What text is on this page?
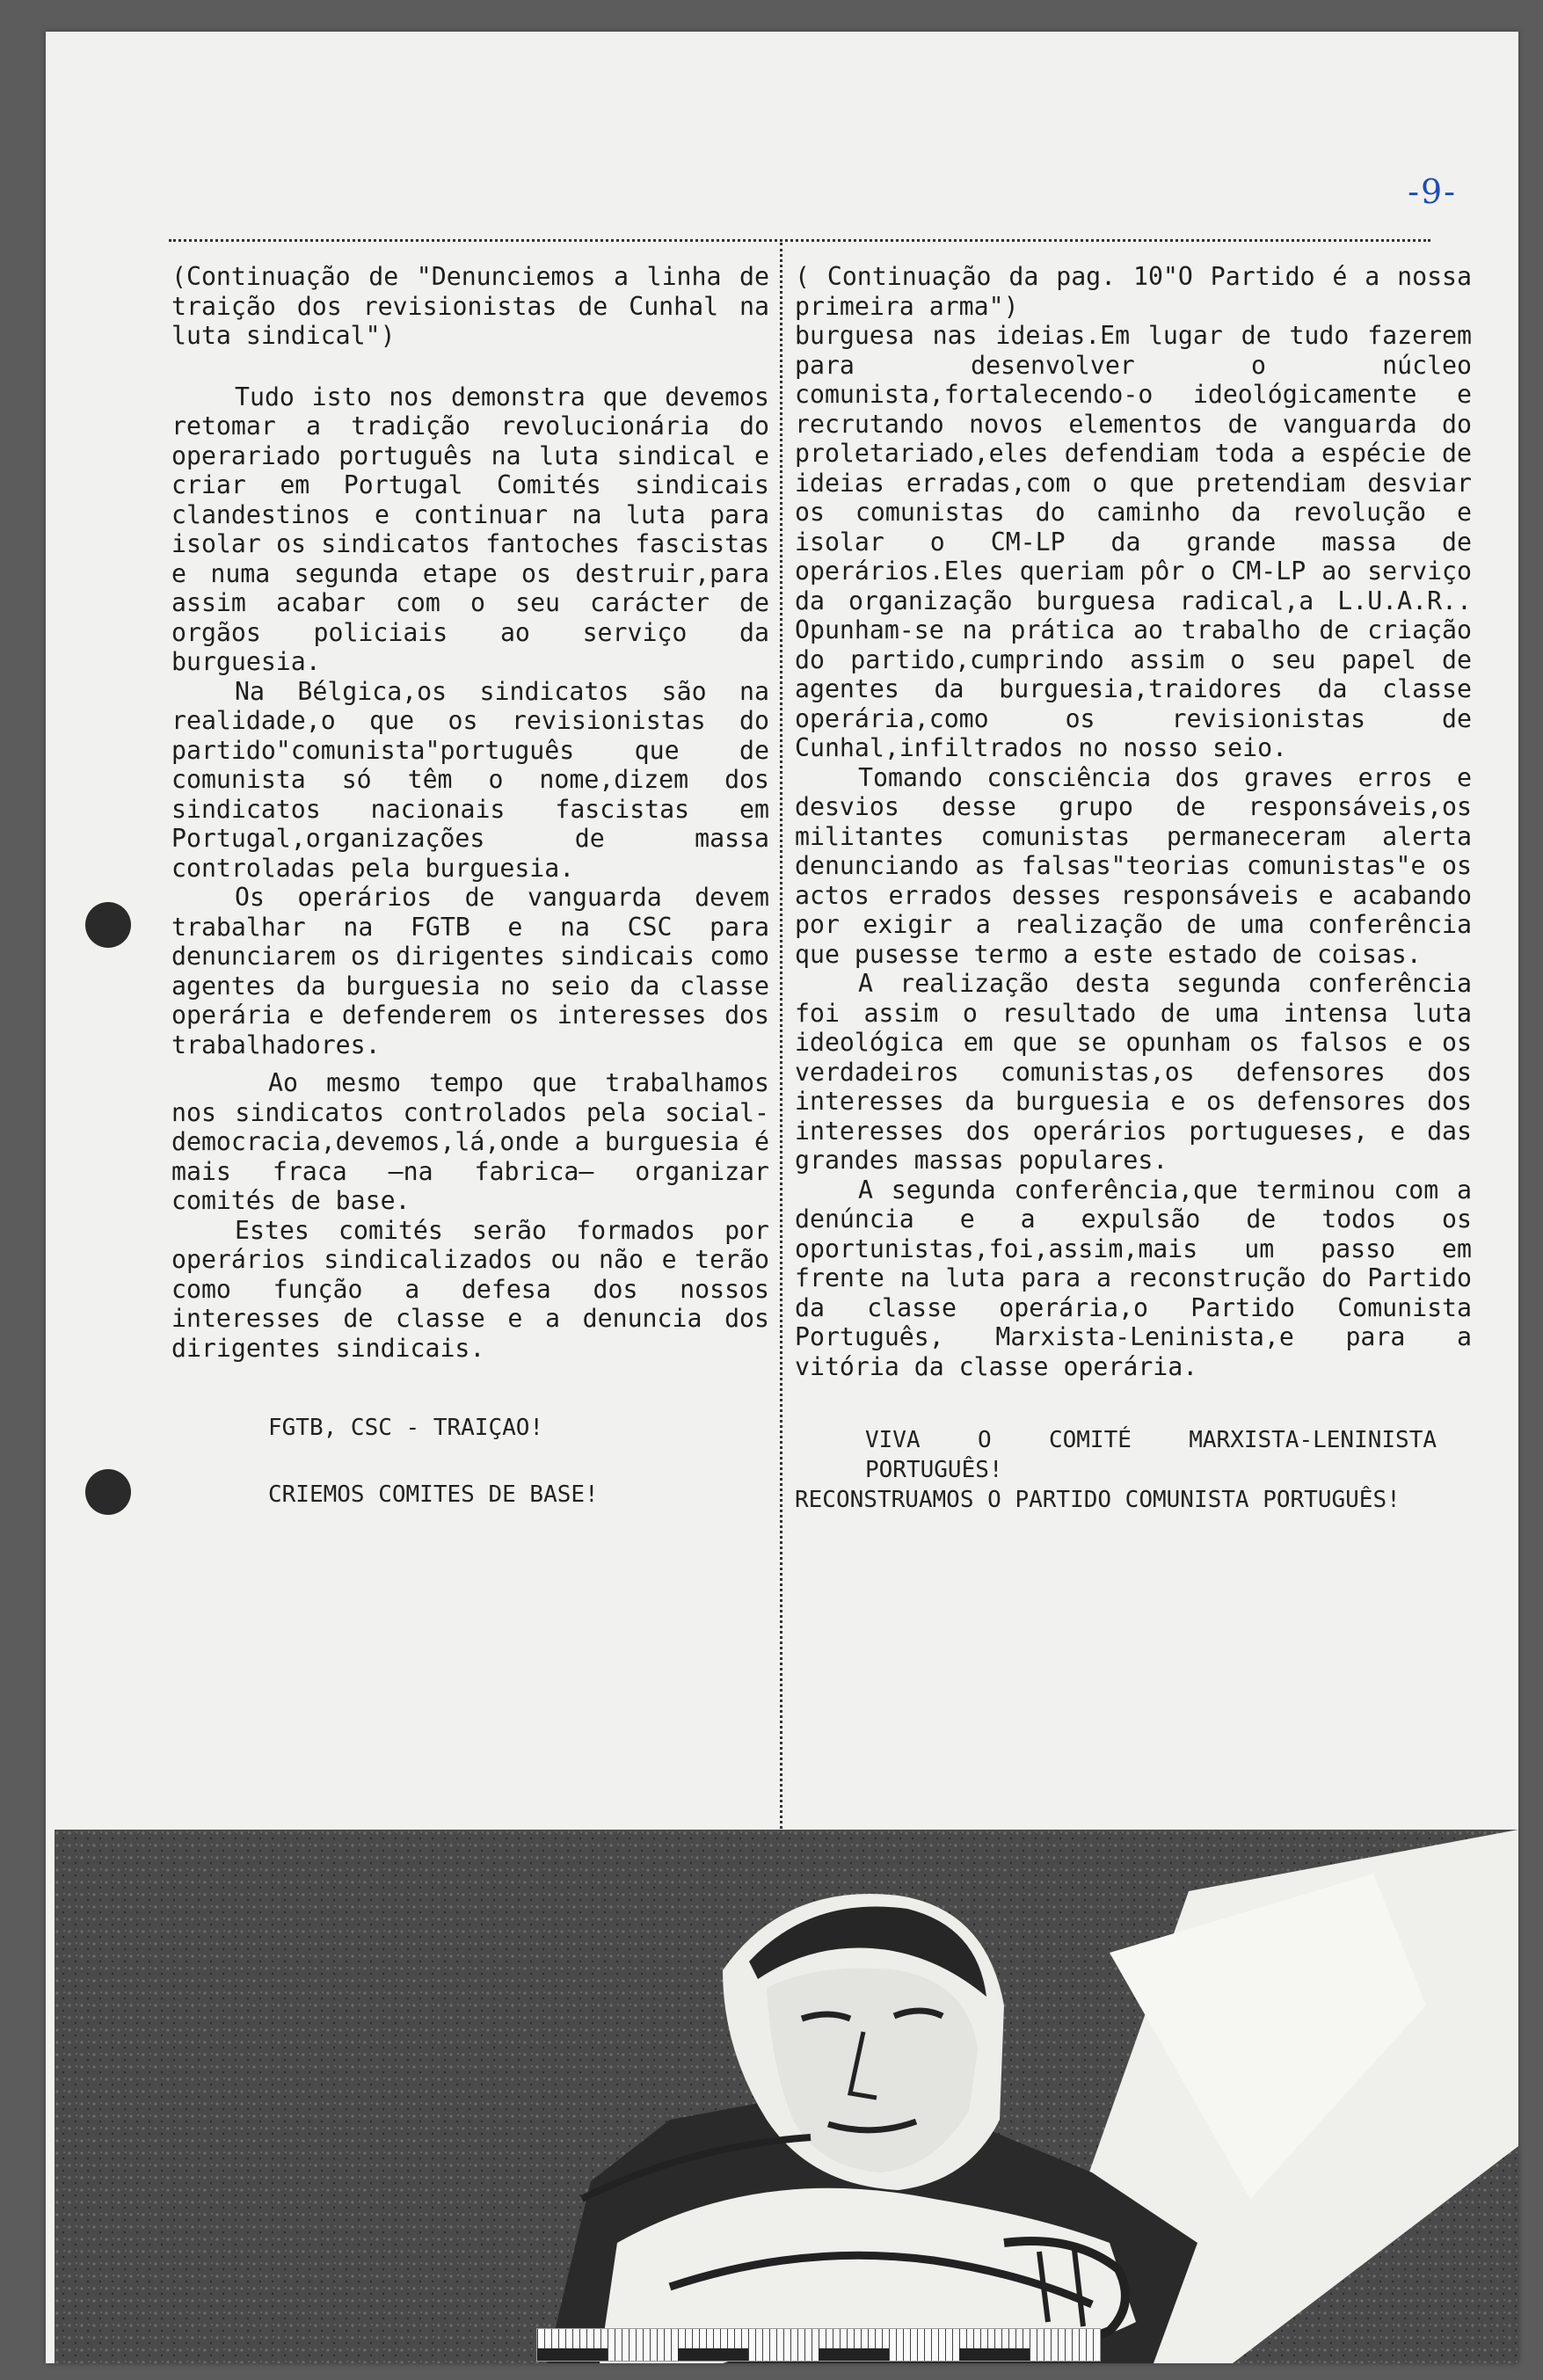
-9-

(Continuação de "Denunciemos a linha de traição dos revisionistas de Cunhal na luta sindical")

Tudo isto nos demonstra que devemos retomar a tradição revolucionária do operariado português na luta sindical e criar em Portugal Comités sindicais clandestinos e continuar na luta para isolar os sindicatos fantoches fascistas e numa segunda etape os destruir,para assim acabar com o seu carácter de orgãos policiais ao serviço da burguesia.

Na Bélgica,os sindicatos são na realidade,o que os revisionistas do partido"comunista"português que de comunista só têm o nome,dizem dos sindicatos nacionais fascistas em Portugal,organizações de massa controladas pela burguesia.

Os operários de vanguarda devem trabalhar na FGTB e na CSC para denunciarem os dirigentes sindicais como agentes da burguesia no seio da classe operária e defenderem os interesses dos trabalhadores.

Ao mesmo tempo que trabalhamos nos sindicatos controlados pela social-democracia,devemos,lá,onde a burguesia é mais fraca —na fabrica— organizar comités de base.

Estes comités serão formados por operários sindicalizados ou não e terão como função a defesa dos nossos interesses de classe e a denuncia dos dirigentes sindicais.

FGTB, CSC - TRAIÇAO!

CRIEMOS COMITES DE BASE!

( Continuação da pag. 10"O Partido é a nossa primeira arma")

burguesa nas ideias.Em lugar de tudo fazerem para desenvolver o núcleo comunista,fortalecendo-o ideológicamente e recrutando novos elementos de vanguarda do proletariado,eles defendiam toda a espécie de ideias erradas,com o que pretendiam desviar os comunistas do caminho da revolução e isolar o CM-LP da grande massa de operários.Eles queriam pôr o CM-LP ao serviço da organização burguesa radical,a L.U.A.R.. Opunham-se na prática ao trabalho de criação do partido,cumprindo assim o seu papel de agentes da burguesia,traidores da classe operária,como os revisionistas de Cunhal,infiltrados no nosso seio.

Tomando consciência dos graves erros e desvios desse grupo de responsáveis,os militantes comunistas permaneceram alerta denunciando as falsas"teorias comunistas"e os actos errados desses responsáveis e acabando por exigir a realização de uma conferência que pusesse termo a este estado de coisas.

A realização desta segunda conferência foi assim o resultado de uma intensa luta ideológica em que se opunham os falsos e os verdadeiros comunistas,os defensores dos interesses da burguesia e os defensores dos interesses dos operários portugueses, e das grandes massas populares.

A segunda conferência,que terminou com a denúncia e a expulsão de todos os oportunistas,foi,assim,mais um passo em frente na luta para a reconstrução do Partido da classe operária,o Partido Comunista Português, Marxista-Leninista,e para a vitória da classe operária.

VIVA O COMITÉ MARXISTA-LENINISTA PORTUGUÊS!

RECONSTRUAMOS O PARTIDO COMUNISTA PORTUGUÊS!
